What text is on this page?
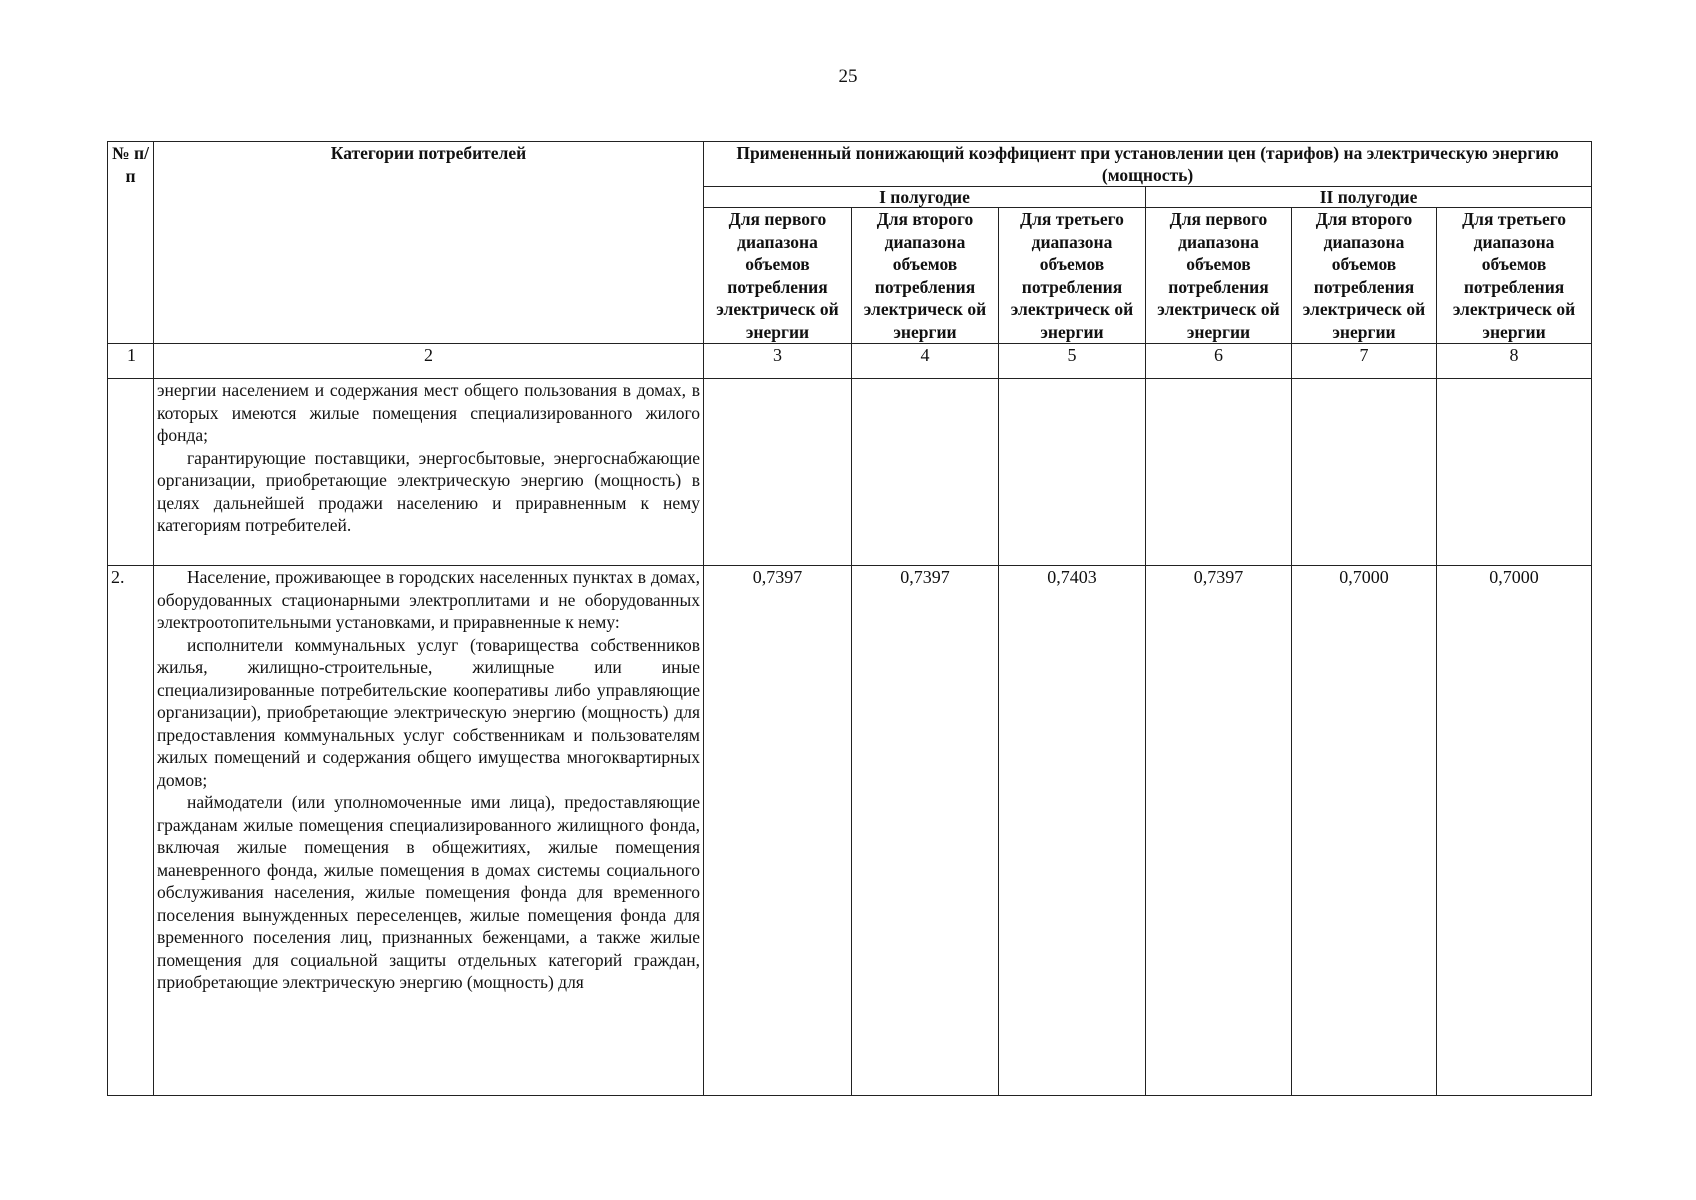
25
№ п/ п	Категории потребителей	Примененный понижающий коэффициент при установлении цен (тарифов) на электрическую энергию (мощность)					
		I полугодие			II полугодие		
		Для первого диапазона объемов потребления электрическ ой энергии	Для второго диапазона объемов потребления электрическ ой энергии	Для третьего диапазона объемов потребления электрическ ой энергии	Для первого диапазона объемов потребления электрическ ой энергии	Для второго диапазона объемов потребления электрическ ой энергии	Для третьего диапазона объемов потребления электрическ ой энергии
1	2	3	4	5	6	7	8

	энергии населением и содержания мест общего пользования в домах, в которых имеются жилые помещения специализированного жилого фонда;

гарантирующие поставщики, энергосбытовые, энергоснабжающие организации, приобретающие электрическую энергию (мощность) в целях дальнейшей продажи населению и приравненным к нему категориям потребителей.						

2.	Население, проживающее в городских населенных пунктах в домах, оборудованных стационарными электроплитами и не оборудованных электроотопительными установками, и приравненные к нему:

исполнители коммунальных услуг (товарищества собственников жилья, жилищно-строительные, жилищные или иные специализированные потребительские кооперативы либо управляющие организации), приобретающие электрическую энергию (мощность) для предоставления коммунальных услуг собственникам и пользователям жилых помещений и содержания общего имущества многоквартирных домов;

наймодатели (или уполномоченные ими лица), предоставляющие гражданам жилые помещения специализированного жилищного фонда, включая жилые помещения в общежитиях, жилые помещения маневренного фонда, жилые помещения в домах системы социального обслуживания населения, жилые помещения фонда для временного поселения вынужденных переселенцев, жилые помещения фонда для временного поселения лиц, признанных беженцами, а также жилые помещения для социальной защиты отдельных категорий граждан, приобретающие электрическую энергию (мощность) для	0,7397	0,7397	0,7403	0,7397	0,7000	0,7000
